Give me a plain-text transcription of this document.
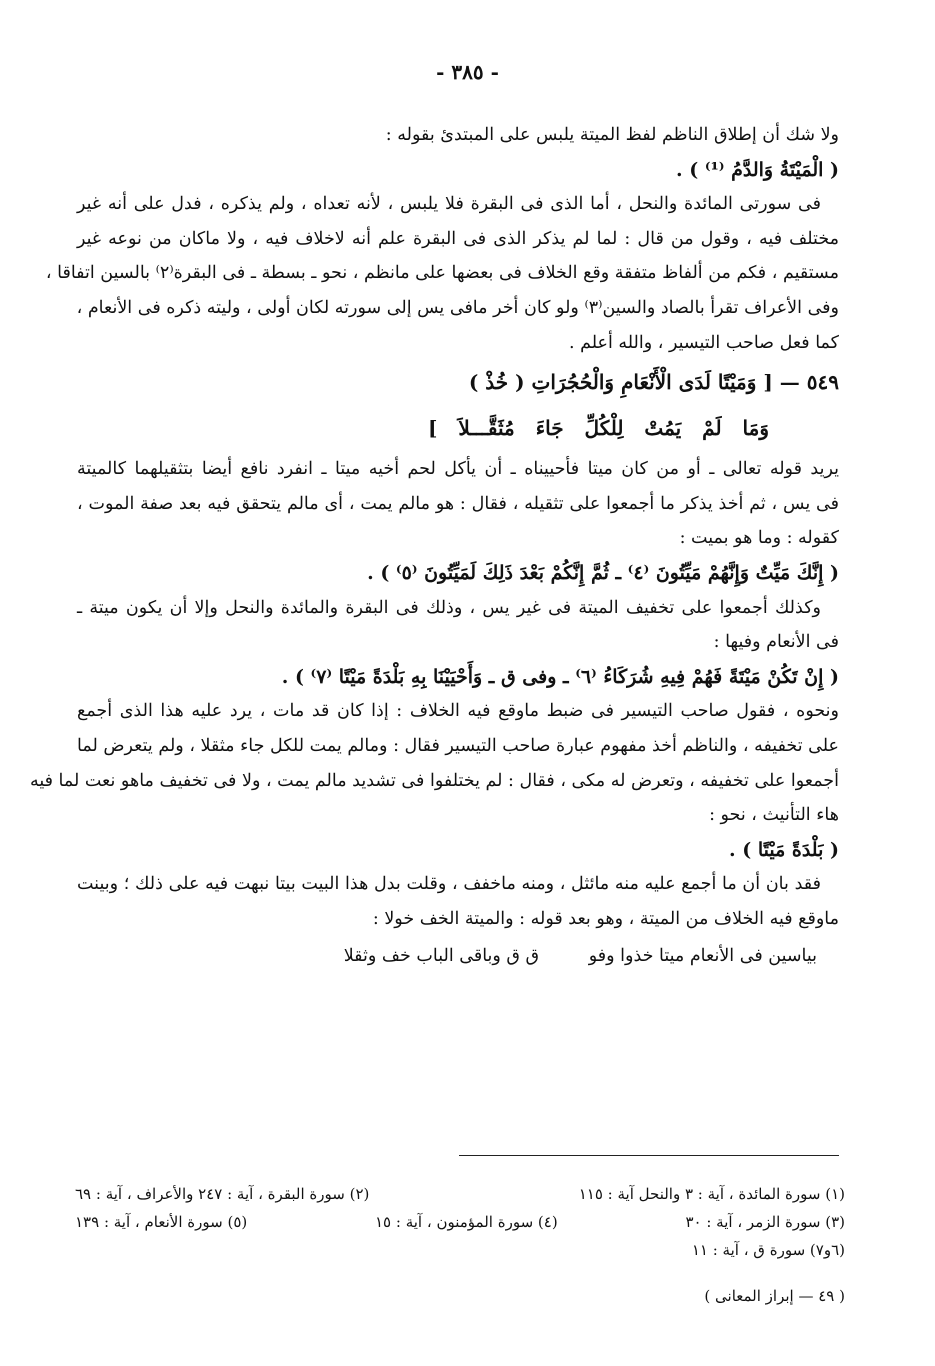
- ٣٨٥ -
ولا شك أن إطلاق الناظم لفظ الميتة يلبس على المبتدئ بقوله :
( الْمَيْتَةُ وَالدَّمُ ⁽¹⁾ ) .
فى سورتى المائدة والنحل ، أما الذى فى البقرة فلا يلبس ، لأنه تعداه ، ولم يذكره ، فدل على أنه غير
مختلف فيه ، وقول من قال : لما لم يذكر الذى فى البقرة علم أنه لاخلاف فيه ، ولا ماكان من نوعه غير
مستقيم ، فكم من ألفاظ متفقة وقع الخلاف فى بعضها على مانظم ، نحو ـ بسطة ـ فى البقرة⁽٢⁾ بالسين اتفاقا ،
وفى الأعراف تقرأ بالصاد والسين⁽٣⁾ ولو كان أخر مافى يس إلى سورته لكان أولى ، وليته ذكره فى الأنعام ،
كما فعل صاحب التيسير ، والله أعلم .
٥٤٩ — [ وَمَيْتًا لَدَى الْأَنْعَامِ وَالْحُجُرَاتِ ( خُذْ )
وَمَا لَمْ يَمُتْ لِلْكُلِّ جَاءَ مُثَقَّـــلاَ ]
يريد قوله تعالى ـ أو من كان ميتا فأحييناه ـ أن يأكل لحم أخيه ميتا ـ انفرد نافع أيضا بتثقيلهما كالميتة
فى يس ، ثم أخذ يذكر ما أجمعوا على تثقيله ، فقال : هو مالم يمت ، أى مالم يتحقق فيه بعد صفة الموت ،
كقوله : وما هو بميت :
( إِنَّكَ مَيِّتٌ وَإِنَّهُمْ مَيِّتُونَ ⁽٤⁾ ـ ثُمَّ إِنَّكُمْ بَعْدَ ذَلِكَ لَمَيِّتُونَ ⁽٥⁾ ) .
وكذلك أجمعوا على تخفيف الميتة فى غير يس ، وذلك فى البقرة والمائدة والنحل وإلا أن يكون ميتة ـ
فى الأنعام وفيها :
( إِنْ تَكُنْ مَيْتَةً فَهُمْ فِيهِ شُرَكَاءُ ⁽٦⁾ ـ وفى ق ـ وَأَحْيَيْنَا بِهِ بَلْدَةً مَيْتًا ⁽٧⁾ ) .
ونحوه ، فقول صاحب التيسير فى ضبط ماوقع فيه الخلاف : إذا كان قد مات ، يرد عليه هذا الذى أجمع
على تخفيفه ، والناظم أخذ مفهوم عبارة صاحب التيسير فقال : ومالم يمت للكل جاء مثقلا ، ولم يتعرض لما
أجمعوا على تخفيفه ، وتعرض له مكى ، فقال : لم يختلفوا فى تشديد مالم يمت ، ولا فى تخفيف ماهو نعت لما فيه
هاء التأنيث ، نحو :
( بَلْدَةً مَيْتًا ) .
فقد بان أن ما أجمع عليه منه مائثل ، ومنه ماخفف ، وقلت بدل هذا البيت بيتا نبهت فيه على ذلك ؛ وبينت
ماوقع فيه الخلاف من الميتة ، وهو بعد قوله : والميتة الخف خولا :
بياسين فى الأنعام ميتا خذوا وفو ق ق وباقى الباب خف وثقلا
(١) سورة المائدة ، آية : ٣ والنحل آية : ١١٥
(٢) سورة البقرة ، آية : ٢٤٧ والأعراف ، آية : ٦٩
(٣) سورة الزمر ، آية : ٣٠
(٤) سورة المؤمنون ، آية : ١٥
(٥) سورة الأنعام ، آية : ١٣٩
(٦و٧) سورة ق ، آية : ١١
( ٤٩ — إبراز المعانى )
